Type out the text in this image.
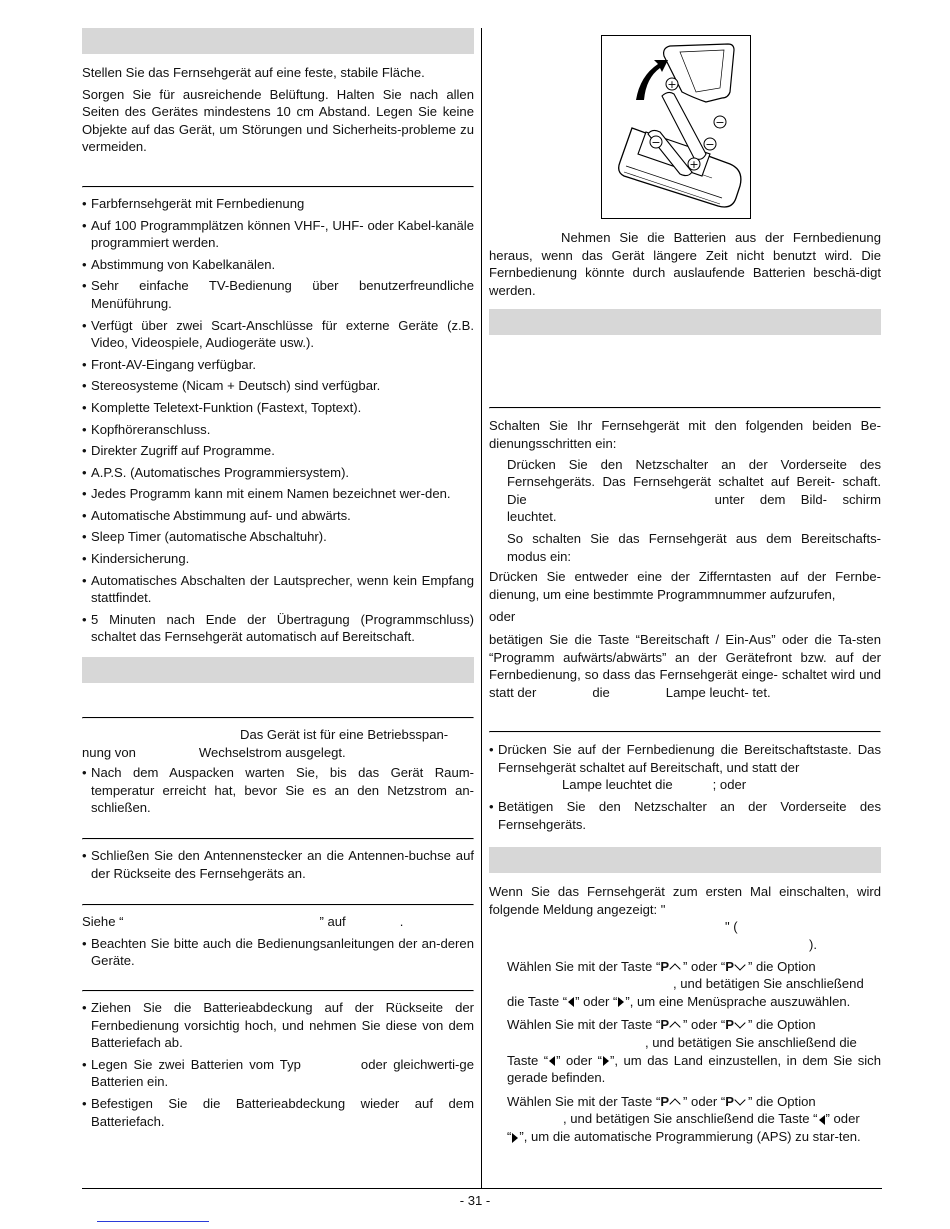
Stellen Sie das Fernsehgerät auf eine feste, stabile Fläche.

Sorgen Sie für ausreichende Belüftung. Halten Sie nach allen Seiten des Gerätes mindestens 10 cm Abstand. Legen Sie keine Objekte auf das Gerät, um Störungen und Sicherheits-probleme zu vermeiden.

• Farbfernsehgerät mit Fernbedienung
• Auf 100 Programmplätzen können VHF-, UHF- oder Kabel-kanäle programmiert werden.
• Abstimmung von Kabelkanälen.
• Sehr einfache TV-Bedienung über benutzerfreundliche Menüführung.
• Verfügt über zwei Scart-Anschlüsse für externe Geräte (z.B. Video, Videospiele, Audiogeräte usw.).
• Front-AV-Eingang verfügbar.
• Stereosysteme (Nicam + Deutsch) sind verfügbar.
• Komplette Teletext-Funktion (Fastext, Toptext).
• Kopfhöreranschluss.
• Direkter Zugriff auf Programme.
• A.P.S. (Automatisches Programmiersystem).
• Jedes Programm kann mit einem Namen bezeichnet wer-den.
• Automatische Abstimmung auf- und abwärts.
• Sleep Timer (automatische Abschaltuhr).
• Kindersicherung.
• Automatisches Abschalten der Lautsprecher, wenn kein Empfang stattfindet.
• 5 Minuten nach Ende der Übertragung (Programmschluss) schaltet das Fernsehgerät automatisch auf Bereitschaft.

Das Gerät ist für eine Betriebsspan-
nung von	Wechselstrom ausgelegt.

• Nach dem Auspacken warten Sie, bis das Gerät Raum-temperatur erreicht hat, bevor Sie es an den Netzstrom an-schließen.
• Schließen Sie den Antennenstecker an die Antennen-buchse auf der Rückseite des Fernsehgeräts an.

Siehe “	” auf	.

• Beachten Sie bitte auch die Bedienungsanleitungen der an-deren Geräte.
• Ziehen Sie die Batterieabdeckung auf der Rückseite der Fernbedienung vorsichtig hoch, und nehmen Sie diese von dem Batteriefach ab.
• Legen Sie zwei Batterien vom Typ	oder gleichwerti-ge Batterien ein.
• Befestigen Sie die Batterieabdeckung wieder auf dem Batteriefach.
+
−
−
+
−

Nehmen Sie die Batterien aus der Fernbedienung heraus, wenn das Gerät längere Zeit nicht benutzt wird. Die Fernbedienung könnte durch auslaufende Batterien beschä-digt werden.

Schalten Sie Ihr Fernsehgerät mit den folgenden beiden Be-dienungsschritten ein:

Drücken Sie den Netzschalter an der Vorderseite des Fernsehgeräts. Das Fernsehgerät schaltet auf Bereit- schaft. Die	unter dem Bild- schirm leuchtet.

So schalten Sie das Fernsehgerät aus dem Bereitschafts-modus ein:

Drücken Sie entweder eine der Zifferntasten auf der Fernbe-dienung, um eine bestimmte Programmnummer aufzurufen,

oder

betätigen Sie die Taste “Bereitschaft / Ein-Aus” oder die Ta-sten “Programm aufwärts/abwärts” an der Gerätefront bzw. auf der Fernbedienung, so dass das Fernsehgerät einge- schaltet wird und statt der	die	Lampe leucht- tet.

• Drücken Sie auf der Fernbedienung die Bereitschaftstaste. Das Fernsehgerät schaltet auf Bereitschaft, und statt der
Lampe leuchtet die	; oder
• Betätigen Sie den Netzschalter an der Vorderseite des Fernsehgeräts.

Wenn Sie das Fernsehgerät zum ersten Mal einschalten, wird folgende Meldung angezeigt: "
" (
).

Wählen Sie mit der Taste “P ” oder “P ” die Option
, und betätigen Sie anschließend
die Taste “ ” oder “ ”, um eine Menüsprache auszuwählen.

Wählen Sie mit der Taste “P ” oder “P ” die Option
, und betätigen Sie anschließend die
Taste “ ” oder “ ”, um das Land einzustellen, in dem Sie sich gerade befinden.

Wählen Sie mit der Taste “P ” oder “P ” die Option
, und betätigen Sie anschließend die Taste “ ” oder
“ ”, um die automatische Programmierung (APS) zu star-ten.

- 31 -
